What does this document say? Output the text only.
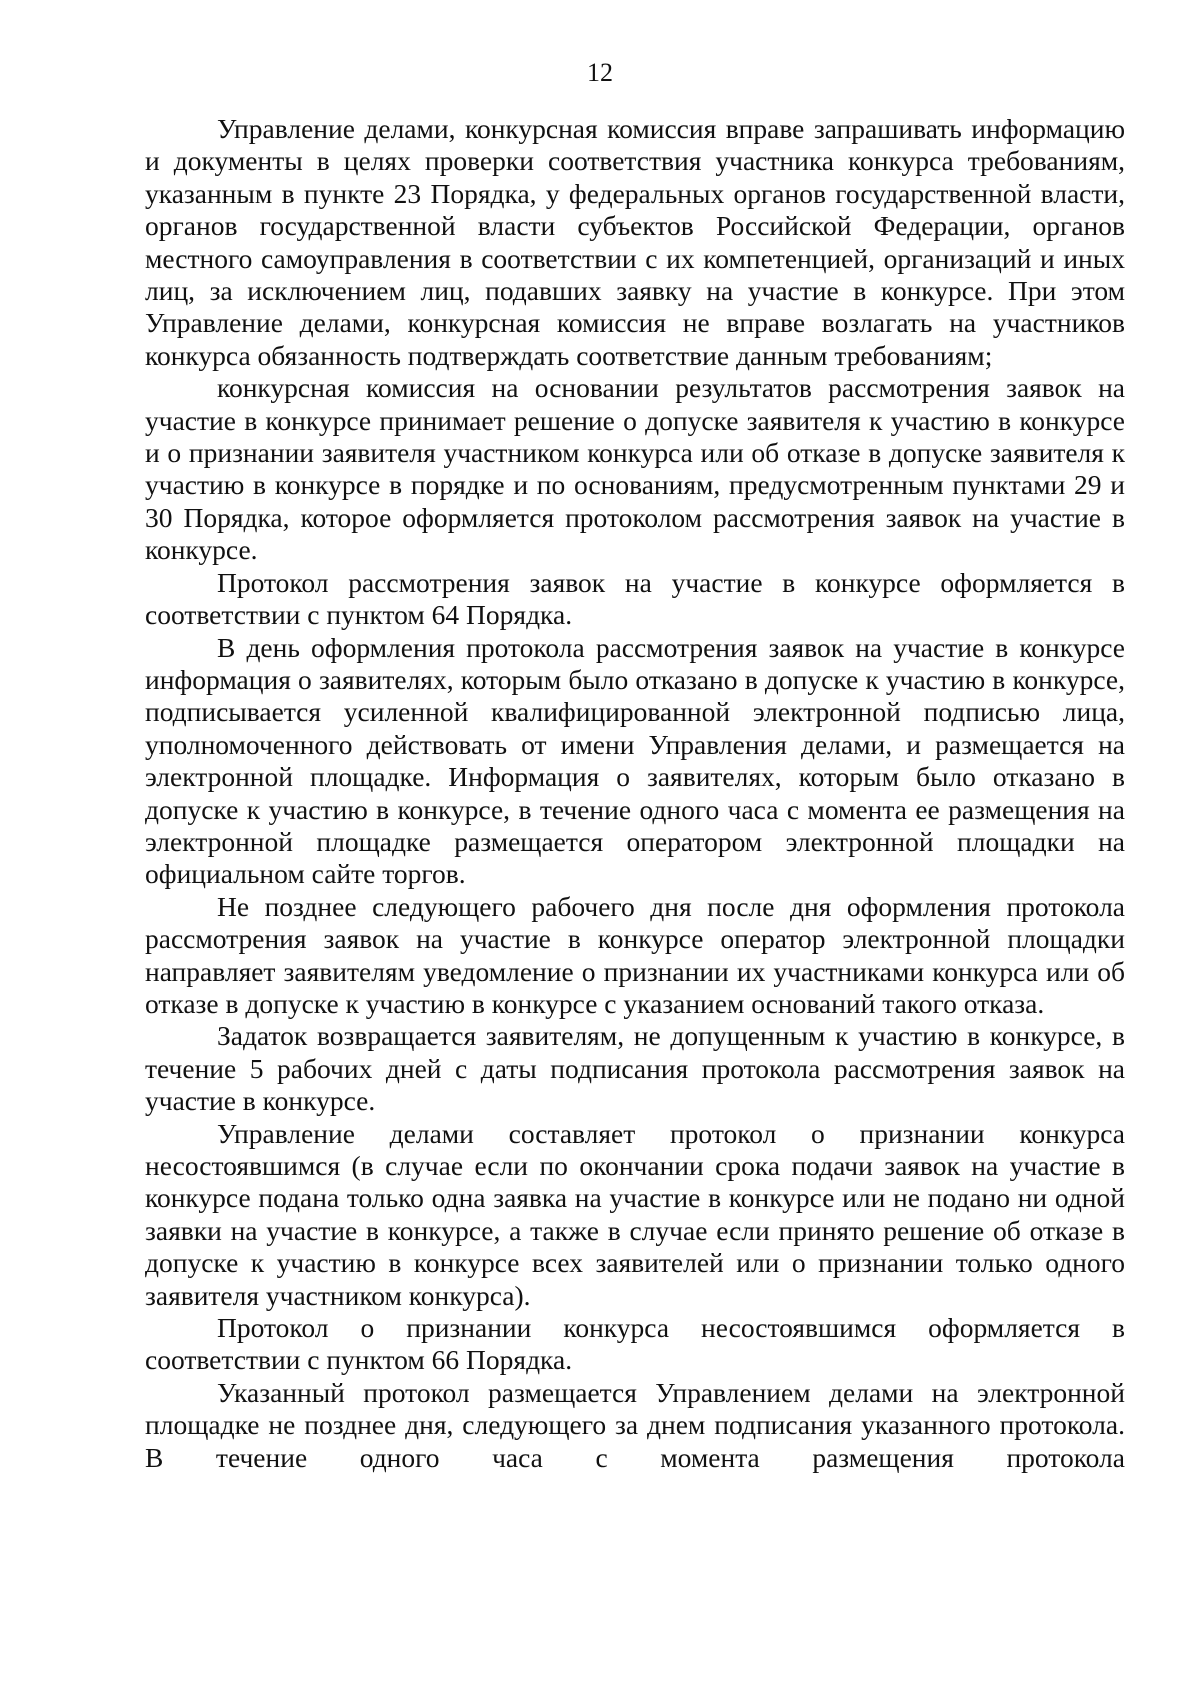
12

Управление делами, конкурсная комиссия вправе запрашивать информацию и документы в целях проверки соответствия участника конкурса требованиям, указанным в пункте 23 Порядка, у федеральных органов государственной власти, органов государственной власти субъектов Российской Федерации, органов местного самоуправления в соответствии с их компетенцией, организаций и иных лиц, за исключением лиц, подавших заявку на участие в конкурсе. При этом Управление делами, конкурсная комиссия не вправе возлагать на участников конкурса обязанность подтверждать соответствие данным требованиям;

конкурсная комиссия на основании результатов рассмотрения заявок на участие в конкурсе принимает решение о допуске заявителя к участию в конкурсе и о признании заявителя участником конкурса или об отказе в допуске заявителя к участию в конкурсе в порядке и по основаниям, предусмотренным пунктами 29 и 30 Порядка, которое оформляется протоколом рассмотрения заявок на участие в конкурсе.

Протокол рассмотрения заявок на участие в конкурсе оформляется в соответствии с пунктом 64 Порядка.

В день оформления протокола рассмотрения заявок на участие в конкурсе информация о заявителях, которым было отказано в допуске к участию в конкурсе, подписывается усиленной квалифицированной электронной подписью лица, уполномоченного действовать от имени Управления делами, и размещается на электронной площадке. Информация о заявителях, которым было отказано в допуске к участию в конкурсе, в течение одного часа с момента ее размещения на электронной площадке размещается оператором электронной площадки на официальном сайте торгов.

Не позднее следующего рабочего дня после дня оформления протокола рассмотрения заявок на участие в конкурсе оператор электронной площадки направляет заявителям уведомление о признании их участниками конкурса или об отказе в допуске к участию в конкурсе с указанием оснований такого отказа.

Задаток возвращается заявителям, не допущенным к участию в конкурсе, в течение 5 рабочих дней с даты подписания протокола рассмотрения заявок на участие в конкурсе.

Управление делами составляет протокол о признании конкурса несостоявшимся (в случае если по окончании срока подачи заявок на участие в конкурсе подана только одна заявка на участие в конкурсе или не подано ни одной заявки на участие в конкурсе, а также в случае если принято решение об отказе в допуске к участию в конкурсе всех заявителей или о признании только одного заявителя участником конкурса).

Протокол о признании конкурса несостоявшимся оформляется в соответствии с пунктом 66 Порядка.

Указанный протокол размещается Управлением делами на электронной площадке не позднее дня, следующего за днем подписания указанного протокола. В течение одного часа с момента размещения протокола
